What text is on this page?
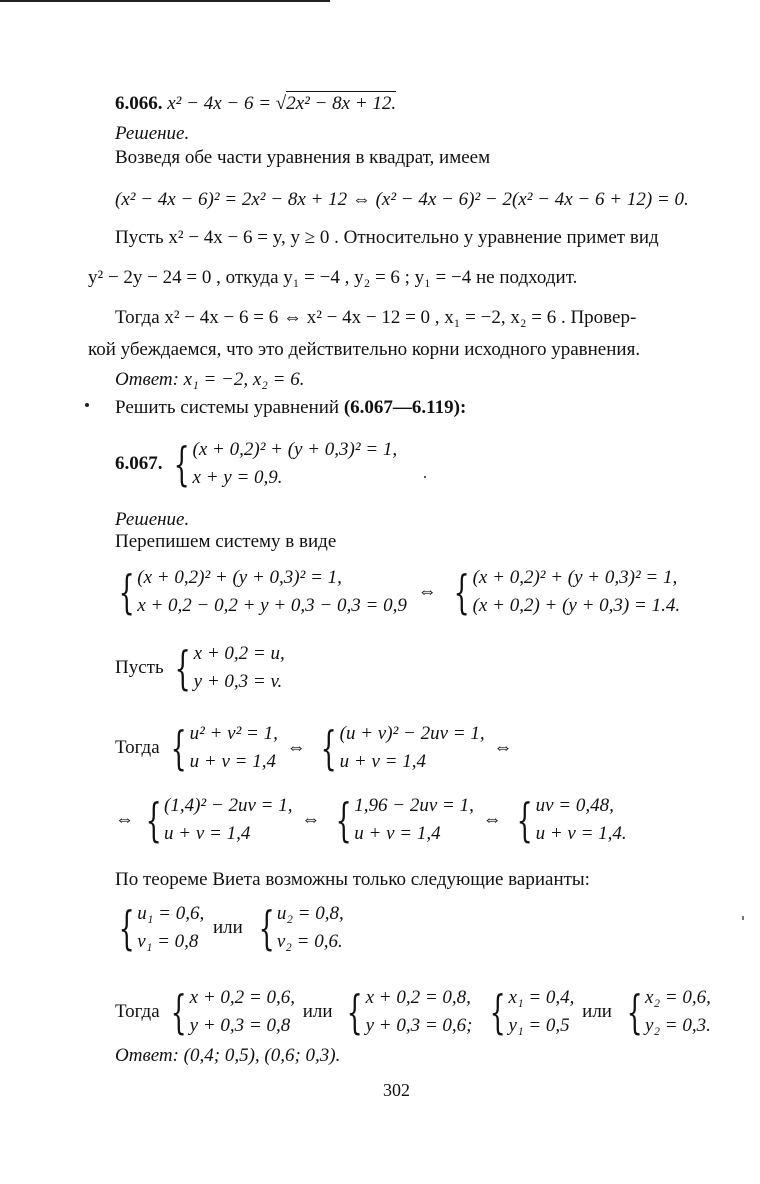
6.066. x² − 4x − 6 = √2x² − 8x + 12.
Решение.
Возведя обе части уравнения в квадрат, имеем
(x² − 4x − 6)² = 2x² − 8x + 12 ⇔ (x² − 4x − 6)² − 2(x² − 4x − 6 + 12) = 0.
Пусть x² − 4x − 6 = y, y ≥ 0 . Относительно y уравнение примет вид
y² − 2y − 24 = 0 , откуда y₁ = −4 , y₂ = 6 ; y₁ = −4 не подходит.
Тогда x² − 4x − 6 = 6 ⇔ x² − 4x − 12 = 0 , x₁ = −2, x₂ = 6 . Провер-
кой убеждаемся, что это действительно корни исходного уравнения.
Ответ: x₁ = −2, x₂ = 6.
Решить системы уравнений (6.067—6.119):
6.067. { (x + 0,2)² + (y + 0,3)² = 1,
x + y = 0,9.
Решение.
Перепишем систему в виде
{ (x + 0,2)² + (y + 0,3)² = 1,
x + 0,2 − 0,2 + y + 0,3 − 0,3 = 0,9
⇔ { (x + 0,2)² + (y + 0,3)² = 1,
(x + 0,2) + (y + 0,3) = 1.4.
Пусть { x + 0,2 = u,
y + 0,3 = v.
Тогда { u² + v² = 1,
u + v = 1,4
⇔ { (u + v)² − 2uv = 1,
u + v = 1,4
⇔
⇔ { (1,4)² − 2uv = 1,
u + v = 1,4
⇔ { 1,96 − 2uv = 1,
u + v = 1,4
⇔ { uv = 0,48,
u + v = 1,4.
По теореме Виета возможны только следующие варианты:
{ u₁ = 0,6,
v₁ = 0,8
или { u₂ = 0,8,
v₂ = 0,6.
Тогда { x + 0,2 = 0,6,
y + 0,3 = 0,8
или { x + 0,2 = 0,8,
y + 0,3 = 0,6;
{ x₁ = 0,4,
y₁ = 0,5
или { x₂ = 0,6,
y₂ = 0,3.
Ответ: (0,4; 0,5), (0,6; 0,3).
302
